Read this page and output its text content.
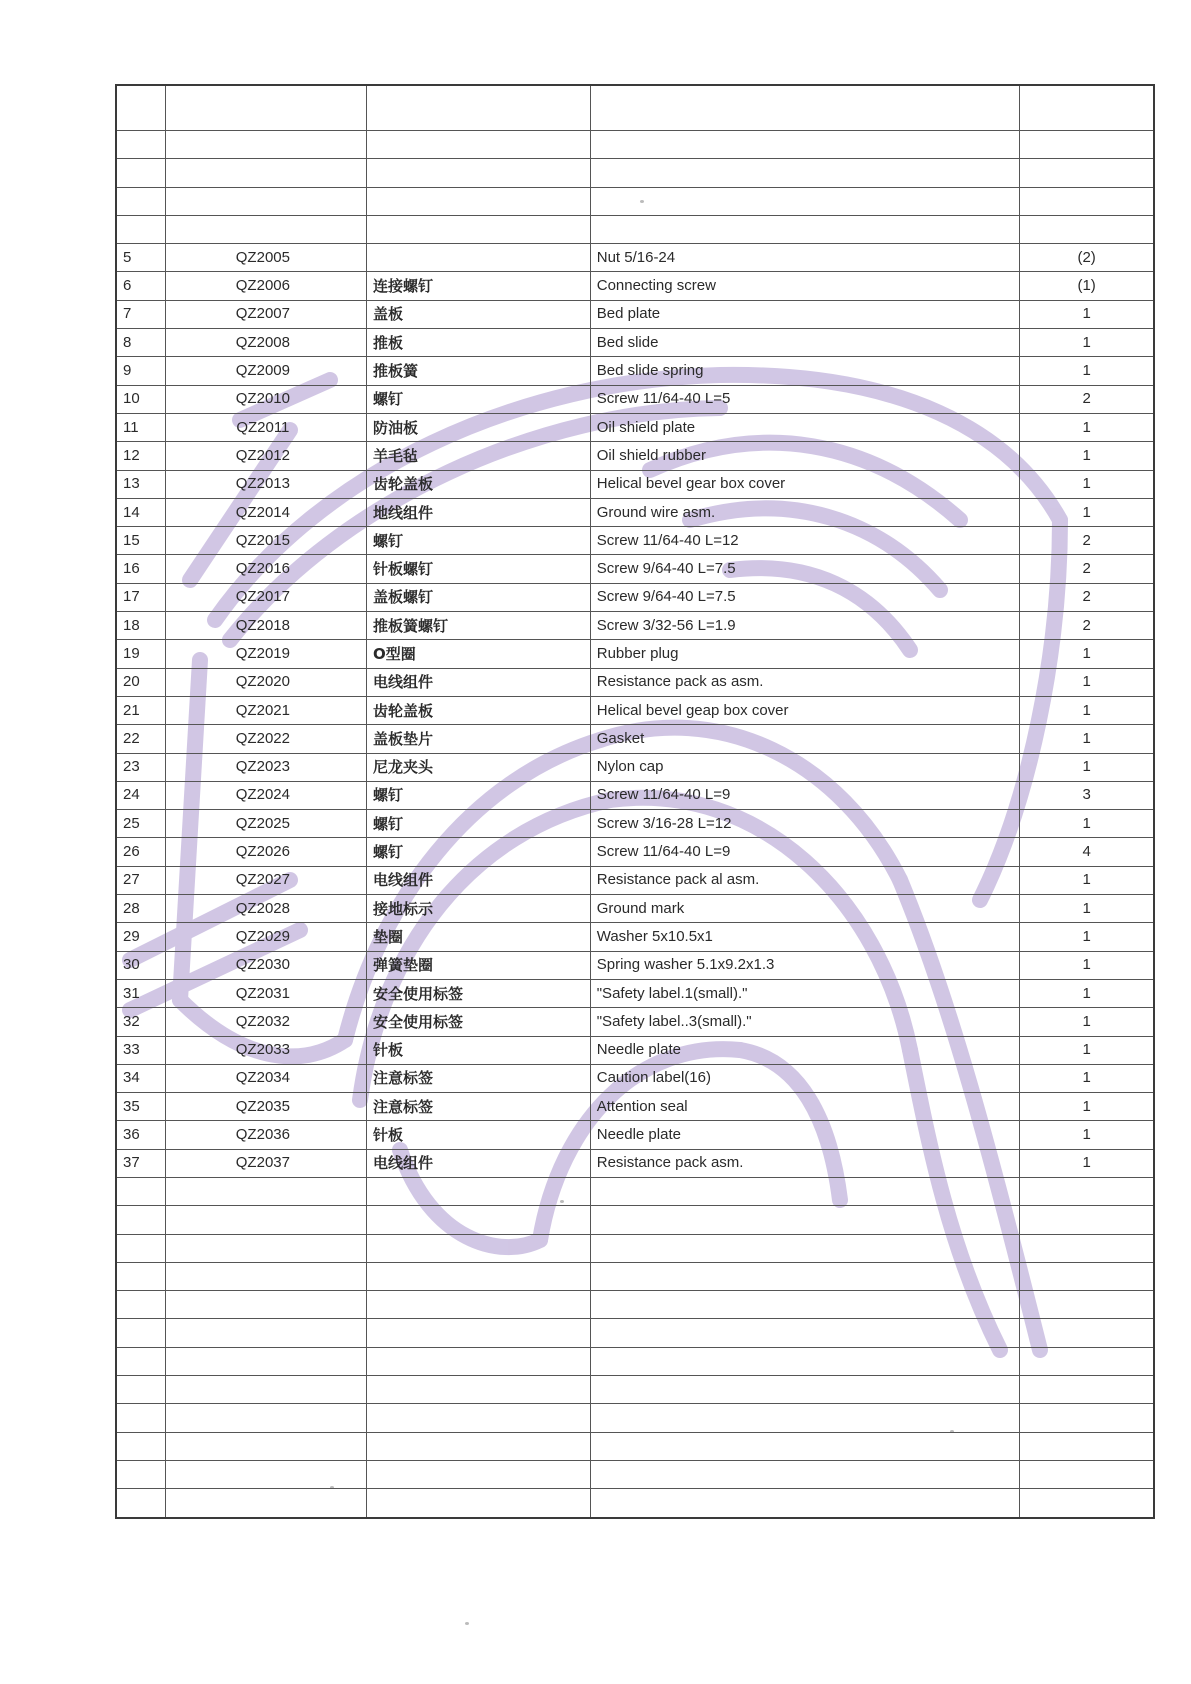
5	QZ2005		Nut 5/16-24	(2)
6	QZ2006	连接螺钉	Connecting screw	(1)
7	QZ2007	盖板	Bed plate	1
8	QZ2008	推板	Bed slide	1
9	QZ2009	推板簧	Bed slide spring	1
10	QZ2010	螺钉	Screw 11/64-40 L=5	2
11	QZ2011	防油板	Oil shield plate	1
12	QZ2012	羊毛毡	Oil shield rubber	1
13	QZ2013	齿轮盖板	Helical bevel gear box cover	1
14	QZ2014	地线组件	Ground wire asm.	1
15	QZ2015	螺钉	Screw 11/64-40 L=12	2
16	QZ2016	针板螺钉	Screw 9/64-40 L=7.5	2
17	QZ2017	盖板螺钉	Screw 9/64-40 L=7.5	2
18	QZ2018	推板簧螺钉	Screw 3/32-56 L=1.9	2
19	QZ2019	O型圈	Rubber plug	1
20	QZ2020	电线组件	Resistance pack as asm.	1
21	QZ2021	齿轮盖板	Helical bevel geap box cover	1
22	QZ2022	盖板垫片	Gasket	1
23	QZ2023	尼龙夹头	Nylon cap	1
24	QZ2024	螺钉	Screw 11/64-40 L=9	3
25	QZ2025	螺钉	Screw 3/16-28 L=12	1
26	QZ2026	螺钉	Screw 11/64-40 L=9	4
27	QZ2027	电线组件	Resistance pack al asm.	1
28	QZ2028	接地标示	Ground mark	1
29	QZ2029	垫圈	Washer 5x10.5x1	1
30	QZ2030	弹簧垫圈	Spring washer 5.1x9.2x1.3	1
31	QZ2031	安全使用标签	"Safety label.1(small)."	1
32	QZ2032	安全使用标签	"Safety label..3(small)."	1
33	QZ2033	针板	Needle plate	1
34	QZ2034	注意标签	Caution label(16)	1
35	QZ2035	注意标签	Attention seal	1
36	QZ2036	针板	Needle plate	1
37	QZ2037	电线组件	Resistance pack asm.	1
